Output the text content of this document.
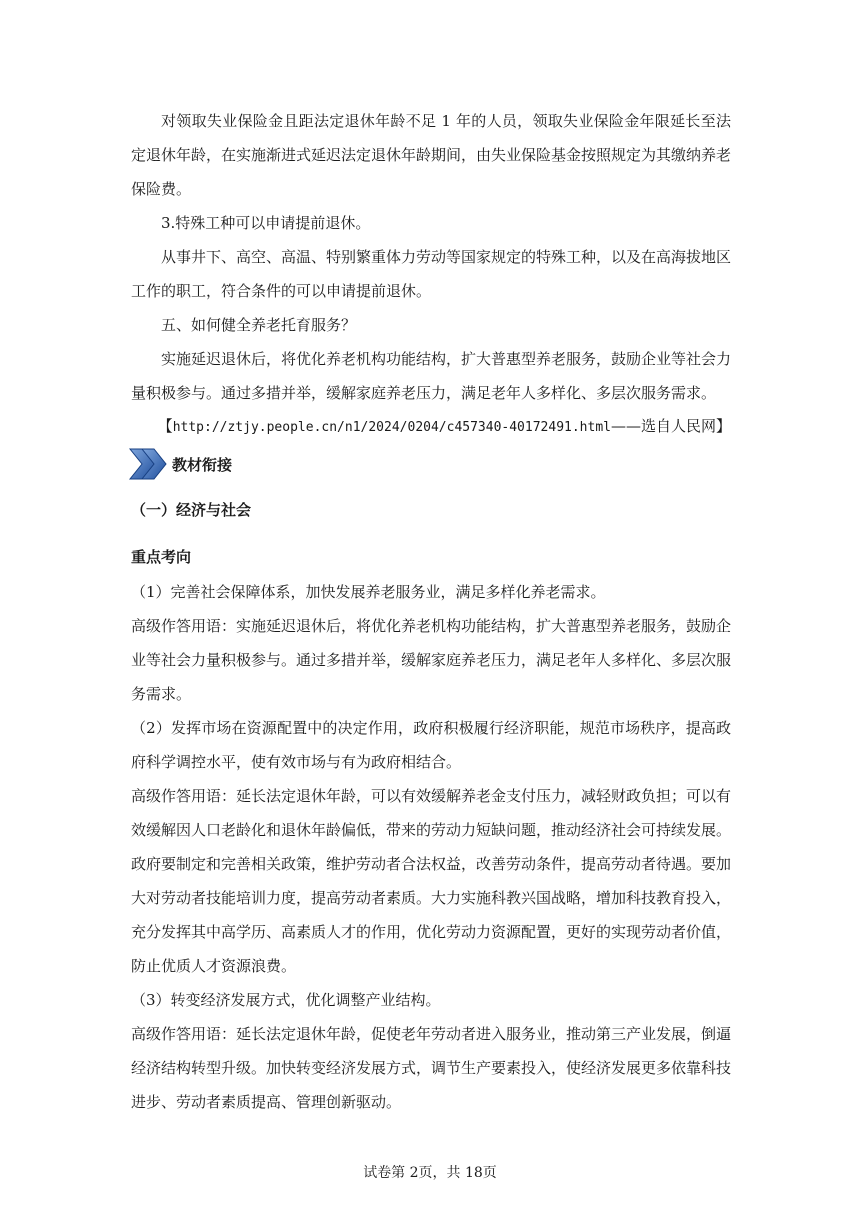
对领取失业保险金且距法定退休年龄不足 1 年的人员，领取失业保险金年限延长至法定退休年龄，在实施渐进式延迟法定退休年龄期间，由失业保险基金按照规定为其缴纳养老保险费。

3.特殊工种可以申请提前退休。

从事井下、高空、高温、特别繁重体力劳动等国家规定的特殊工种，以及在高海拔地区工作的职工，符合条件的可以申请提前退休。

五、如何健全养老托育服务？

实施延迟退休后，将优化养老机构功能结构，扩大普惠型养老服务，鼓励企业等社会力量积极参与。通过多措并举，缓解家庭养老压力，满足老年人多样化、多层次服务需求。

【http://ztjy.people.cn/n1/2024/0204/c457340-40172491.html——选自人民网】
教材衔接
（一）经济与社会
重点考向

（1）完善社会保障体系，加快发展养老服务业，满足多样化养老需求。

高级作答用语：实施延迟退休后，将优化养老机构功能结构，扩大普惠型养老服务，鼓励企业等社会力量积极参与。通过多措并举，缓解家庭养老压力，满足老年人多样化、多层次服务需求。

（2）发挥市场在资源配置中的决定作用，政府积极履行经济职能，规范市场秩序，提高政府科学调控水平，使有效市场与有为政府相结合。

高级作答用语：延长法定退休年龄，可以有效缓解养老金支付压力，减轻财政负担；可以有效缓解因人口老龄化和退休年龄偏低，带来的劳动力短缺问题，推动经济社会可持续发展。政府要制定和完善相关政策，维护劳动者合法权益，改善劳动条件，提高劳动者待遇。要加大对劳动者技能培训力度，提高劳动者素质。大力实施科教兴国战略，增加科技教育投入，充分发挥其中高学历、高素质人才的作用，优化劳动力资源配置，更好的实现劳动者价值，防止优质人才资源浪费。

（3）转变经济发展方式，优化调整产业结构。

高级作答用语：延长法定退休年龄，促使老年劳动者进入服务业，推动第三产业发展，倒逼经济结构转型升级。加快转变经济发展方式，调节生产要素投入，使经济发展更多依靠科技进步、劳动者素质提高、管理创新驱动。

试卷第 2页，共 18页
